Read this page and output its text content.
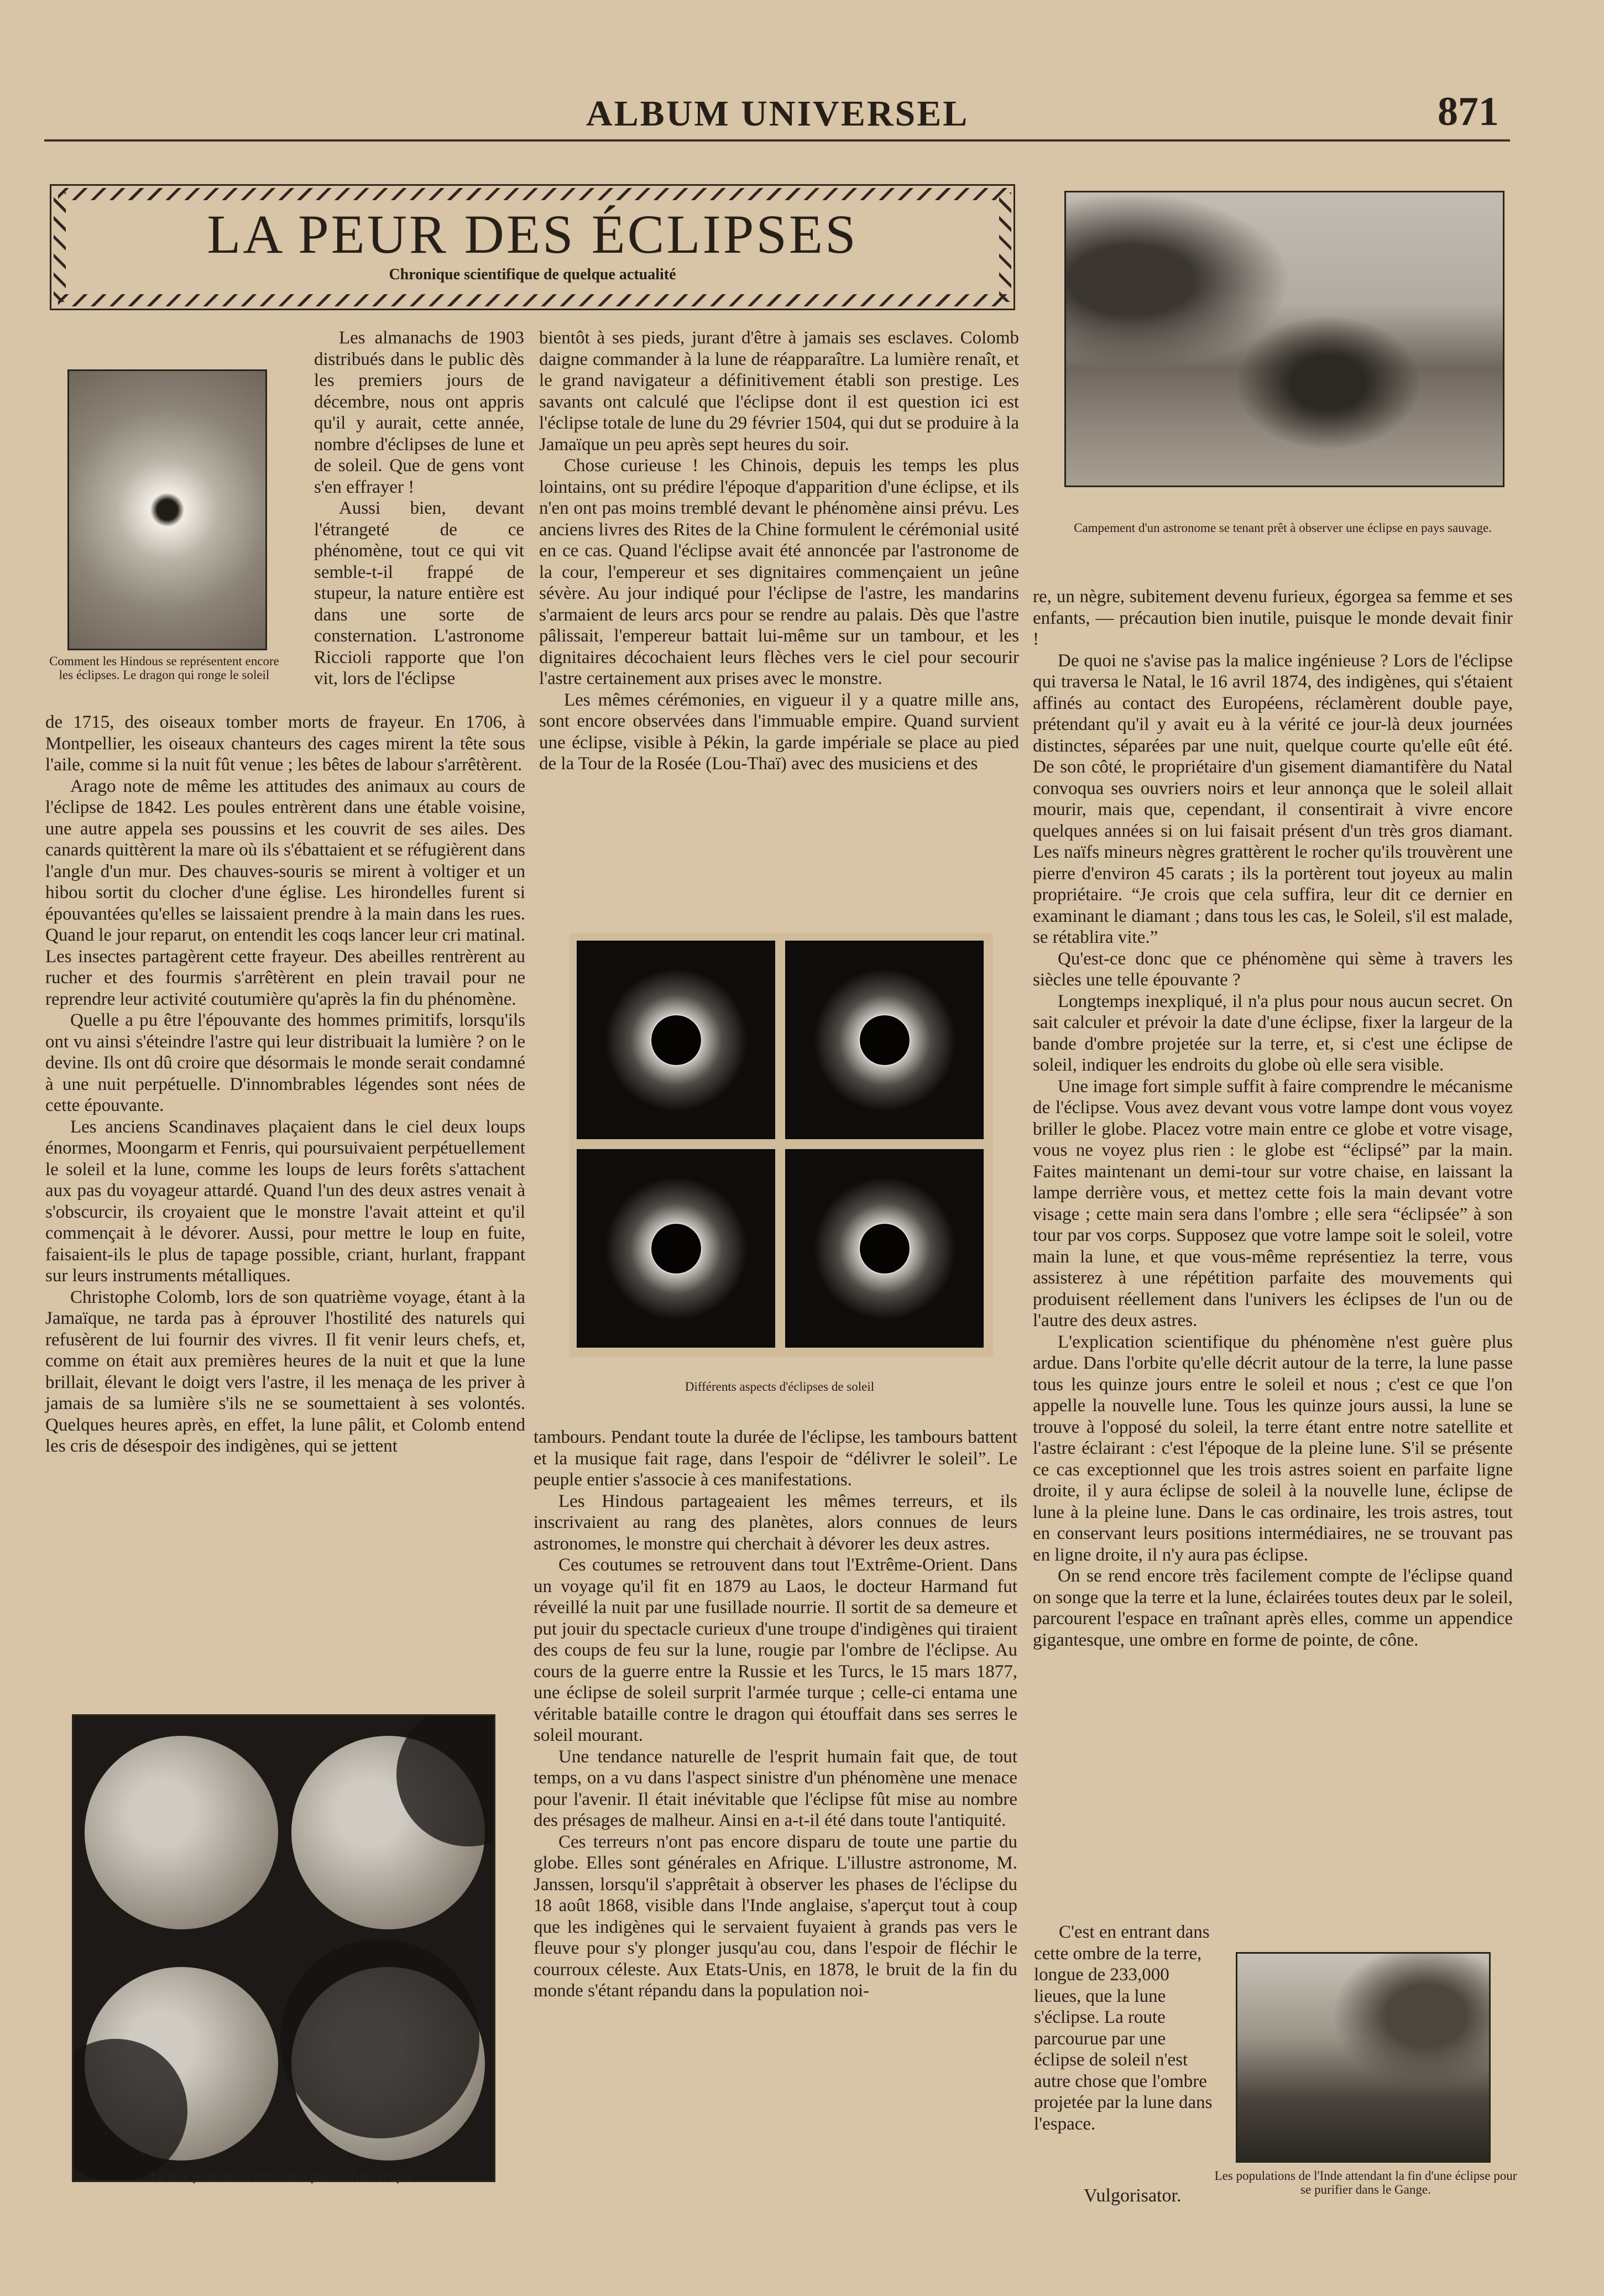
ALBUM UNIVERSEL	871
LA PEUR DES ÉCLIPSES
Chronique scientifique de quelque actualité
Campement d'un astronome se tenant prêt à observer une éclipse en pays sauvage.
Comment les Hindous se représentent encore les éclipses. Le dragon qui ronge le soleil

Les almanachs de 1903 distribués dans le public dès les premiers jours de décembre, nous ont appris qu'il y aurait, cette année, nombre d'éclipses de lune et de soleil. Que de gens vont s'en effrayer !

Aussi bien, devant l'étrangeté de ce phénomène, tout ce qui vit semble-t-il frappé de stupeur, la nature entière est dans une sorte de consternation. L'astronome Riccioli rapporte que l'on vit, lors de l'éclipse

de 1715, des oiseaux tomber morts de frayeur. En 1706, à Montpellier, les oiseaux chanteurs des cages mirent la tête sous l'aile, comme si la nuit fût venue ; les bêtes de labour s'arrêtèrent.

Arago note de même les attitudes des animaux au cours de l'éclipse de 1842. Les poules entrèrent dans une étable voisine, une autre appela ses poussins et les couvrit de ses ailes. Des canards quittèrent la mare où ils s'ébattaient et se réfugièrent dans l'angle d'un mur. Des chauves-souris se mirent à voltiger et un hibou sortit du clocher d'une église. Les hirondelles furent si épouvantées qu'elles se laissaient prendre à la main dans les rues. Quand le jour reparut, on entendit les coqs lancer leur cri matinal. Les insectes partagèrent cette frayeur. Des abeilles rentrèrent au rucher et des fourmis s'arrêtèrent en plein travail pour ne reprendre leur activité coutumière qu'après la fin du phénomène.

Quelle a pu être l'épouvante des hommes primitifs, lorsqu'ils ont vu ainsi s'éteindre l'astre qui leur distribuait la lumière ? on le devine. Ils ont dû croire que désormais le monde serait condamné à une nuit perpétuelle. D'innombrables légendes sont nées de cette épouvante.

Les anciens Scandinaves plaçaient dans le ciel deux loups énormes, Moongarm et Fenris, qui poursuivaient perpétuellement le soleil et la lune, comme les loups de leurs forêts s'attachent aux pas du voyageur attardé. Quand l'un des deux astres venait à s'obscurcir, ils croyaient que le monstre l'avait atteint et qu'il commençait à le dévorer. Aussi, pour mettre le loup en fuite, faisaient-ils le plus de tapage possible, criant, hurlant, frappant sur leurs instruments métalliques.

Christophe Colomb, lors de son quatrième voyage, étant à la Jamaïque, ne tarda pas à éprouver l'hostilité des naturels qui refusèrent de lui fournir des vivres. Il fit venir leurs chefs, et, comme on était aux premières heures de la nuit et que la lune brillait, élevant le doigt vers l'astre, il les menaça de les priver à jamais de sa lumière s'ils ne se soumettaient à ses volontés. Quelques heures après, en effet, la lune pâlit, et Colomb entend les cris de désespoir des indigènes, qui se jettent

La lune pendant les différentes phases d'une éclipse

bientôt à ses pieds, jurant d'être à jamais ses esclaves. Colomb daigne commander à la lune de réapparaître. La lumière renaît, et le grand navigateur a définitivement établi son prestige. Les savants ont calculé que l'éclipse dont il est question ici est l'éclipse totale de lune du 29 février 1504, qui dut se produire à la Jamaïque un peu après sept heures du soir.

Chose curieuse ! les Chinois, depuis les temps les plus lointains, ont su prédire l'époque d'apparition d'une éclipse, et ils n'en ont pas moins tremblé devant le phénomène ainsi prévu. Les anciens livres des Rites de la Chine formulent le cérémonial usité en ce cas. Quand l'éclipse avait été annoncée par l'astronome de la cour, l'empereur et ses dignitaires commençaient un jeûne sévère. Au jour indiqué pour l'éclipse de l'astre, les mandarins s'armaient de leurs arcs pour se rendre au palais. Dès que l'astre pâlissait, l'empereur battait lui-même sur un tambour, et les dignitaires décochaient leurs flèches vers le ciel pour secourir l'astre certainement aux prises avec le monstre.

Les mêmes cérémonies, en vigueur il y a quatre mille ans, sont encore observées dans l'immuable empire. Quand survient une éclipse, visible à Pékin, la garde impériale se place au pied de la Tour de la Rosée (Lou-Thaï) avec des musiciens et des

Différents aspects d'éclipses de soleil

tambours. Pendant toute la durée de l'éclipse, les tambours battent et la musique fait rage, dans l'espoir de “délivrer le soleil”. Le peuple entier s'associe à ces manifestations.

Les Hindous partageaient les mêmes terreurs, et ils inscrivaient au rang des planètes, alors connues de leurs astronomes, le monstre qui cherchait à dévorer les deux astres.

Ces coutumes se retrouvent dans tout l'Extrême-Orient. Dans un voyage qu'il fit en 1879 au Laos, le docteur Harmand fut réveillé la nuit par une fusillade nourrie. Il sortit de sa demeure et put jouir du spectacle curieux d'une troupe d'indigènes qui tiraient des coups de feu sur la lune, rougie par l'ombre de l'éclipse. Au cours de la guerre entre la Russie et les Turcs, le 15 mars 1877, une éclipse de soleil surprit l'armée turque ; celle-ci entama une véritable bataille contre le dragon qui étouffait dans ses serres le soleil mourant.

Une tendance naturelle de l'esprit humain fait que, de tout temps, on a vu dans l'aspect sinistre d'un phénomène une menace pour l'avenir. Il était inévitable que l'éclipse fût mise au nombre des présages de malheur. Ainsi en a-t-il été dans toute l'antiquité.

Ces terreurs n'ont pas encore disparu de toute une partie du globe. Elles sont générales en Afrique. L'illustre astronome, M. Janssen, lorsqu'il s'apprêtait à observer les phases de l'éclipse du 18 août 1868, visible dans l'Inde anglaise, s'aperçut tout à coup que les indigènes qui le servaient fuyaient à grands pas vers le fleuve pour s'y plonger jusqu'au cou, dans l'espoir de fléchir le courroux céleste. Aux Etats-Unis, en 1878, le bruit de la fin du monde s'étant répandu dans la population noi-

re, un nègre, subitement devenu furieux, égorgea sa femme et ses enfants, — précaution bien inutile, puisque le monde devait finir !

De quoi ne s'avise pas la malice ingénieuse ? Lors de l'éclipse qui traversa le Natal, le 16 avril 1874, des indigènes, qui s'étaient affinés au contact des Européens, réclamèrent double paye, prétendant qu'il y avait eu à la vérité ce jour-là deux journées distinctes, séparées par une nuit, quelque courte qu'elle eût été. De son côté, le propriétaire d'un gisement diamantifère du Natal convoqua ses ouvriers noirs et leur annonça que le soleil allait mourir, mais que, cependant, il consentirait à vivre encore quelques années si on lui faisait présent d'un très gros diamant. Les naïfs mineurs nègres grattèrent le rocher qu'ils trouvèrent une pierre d'environ 45 carats ; ils la portèrent tout joyeux au malin propriétaire. “Je crois que cela suffira, leur dit ce dernier en examinant le diamant ; dans tous les cas, le Soleil, s'il est malade, se rétablira vite.”

Qu'est-ce donc que ce phénomène qui sème à travers les siècles une telle épouvante ?

Longtemps inexpliqué, il n'a plus pour nous aucun secret. On sait calculer et prévoir la date d'une éclipse, fixer la largeur de la bande d'ombre projetée sur la terre, et, si c'est une éclipse de soleil, indiquer les endroits du globe où elle sera visible.

Une image fort simple suffit à faire comprendre le mécanisme de l'éclipse. Vous avez devant vous votre lampe dont vous voyez briller le globe. Placez votre main entre ce globe et votre visage, vous ne voyez plus rien : le globe est “éclipsé” par la main. Faites maintenant un demi-tour sur votre chaise, en laissant la lampe derrière vous, et mettez cette fois la main devant votre visage ; cette main sera dans l'ombre ; elle sera “éclipsée” à son tour par vos corps. Supposez que votre lampe soit le soleil, votre main la lune, et que vous-même représentiez la terre, vous assisterez à une répétition parfaite des mouvements qui produisent réellement dans l'univers les éclipses de l'un ou de l'autre des deux astres.

L'explication scientifique du phénomène n'est guère plus ardue. Dans l'orbite qu'elle décrit autour de la terre, la lune passe tous les quinze jours entre le soleil et nous ; c'est ce que l'on appelle la nouvelle lune. Tous les quinze jours aussi, la lune se trouve à l'opposé du soleil, la terre étant entre notre satellite et l'astre éclairant : c'est l'époque de la pleine lune. S'il se présente ce cas exceptionnel que les trois astres soient en parfaite ligne droite, il y aura éclipse de soleil à la nouvelle lune, éclipse de lune à la pleine lune. Dans le cas ordinaire, les trois astres, tout en conservant leurs positions intermédiaires, ne se trouvant pas en ligne droite, il n'y aura pas éclipse.

On se rend encore très facilement compte de l'éclipse quand on songe que la terre et la lune, éclairées toutes deux par le soleil, parcourent l'espace en traînant après elles, comme un appendice gigantesque, une ombre en forme de pointe, de cône.

C'est en entrant dans cette ombre de la terre, longue de 233,000 lieues, que la lune s'éclipse. La route parcourue par une éclipse de soleil n'est autre chose que l'ombre projetée par la lune dans l'espace.

Vulgorisator.
Les populations de l'Inde attendant la fin d'une éclipse pour se purifier dans le Gange.
